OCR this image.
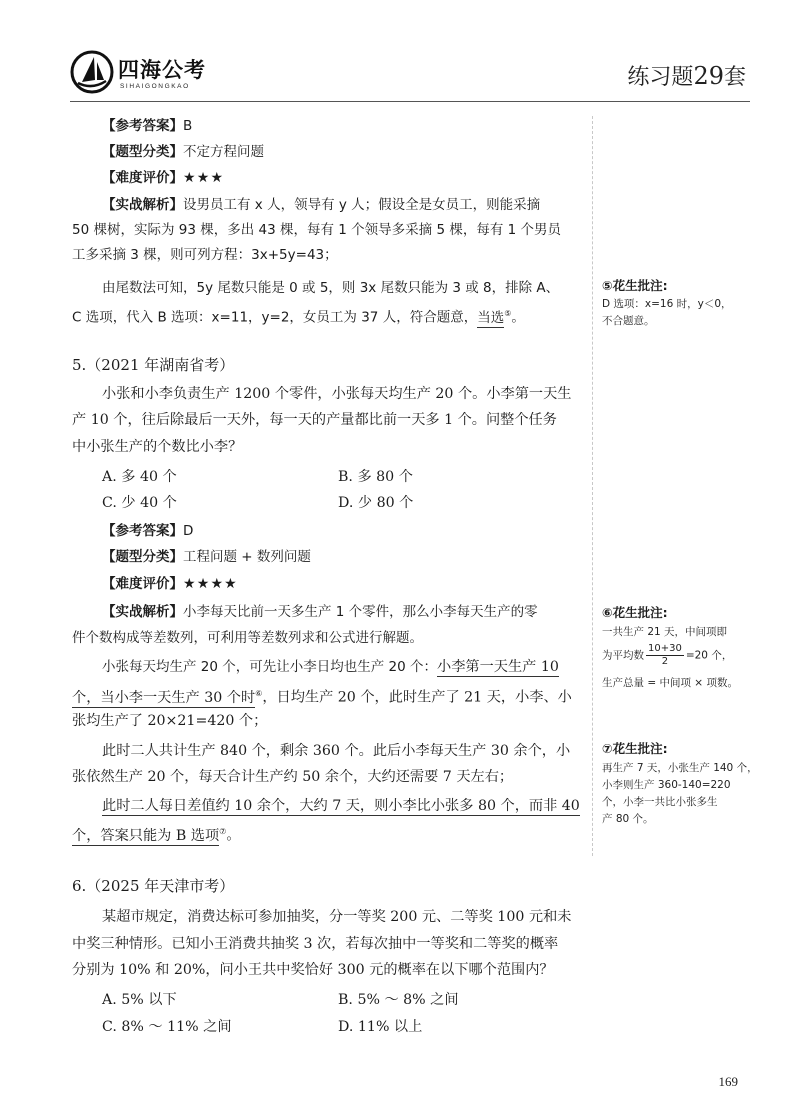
四海公考
SIHAIGONGKAO	练习题29套
【参考答案】B
【题型分类】不定方程问题
【难度评价】★★★
【实战解析】设男员工有 x 人，领导有 y 人；假设全是女员工，则能采摘
50 棵树，实际为 93 棵，多出 43 棵，每有 1 个领导多采摘 5 棵，每有 1 个男员
工多采摘 3 棵，则可列方程：3x+5y=43；
由尾数法可知，5y 尾数只能是 0 或 5，则 3x 尾数只能为 3 或 8，排除 A、
C 选项，代入 B 选项：x=11，y=2，女员工为 37 人，符合题意，当选⑤。
5.（2021 年湖南省考）
小张和小李负责生产 1200 个零件，小张每天均生产 20 个。小李第一天生
产 10 个，往后除最后一天外，每一天的产量都比前一天多 1 个。问整个任务
中小张生产的个数比小李？
A. 多 40 个	B. 多 80 个
C. 少 40 个	D. 少 80 个
【参考答案】D
【题型分类】工程问题 + 数列问题
【难度评价】★★★★
【实战解析】小李每天比前一天多生产 1 个零件，那么小李每天生产的零
件个数构成等差数列，可利用等差数列求和公式进行解题。
小张每天均生产 20 个，可先让小李日均也生产 20 个：小李第一天生产 10
个，当小李一天生产 30 个时⑥，日均生产 20 个，此时生产了 21 天，小李、小
张均生产了 20×21=420 个；
此时二人共计生产 840 个，剩余 360 个。此后小李每天生产 30 余个，小
张依然生产 20 个，每天合计生产约 50 余个，大约还需要 7 天左右；
此时二人每日差值约 10 余个，大约 7 天，则小李比小张多 80 个，而非 40
个，答案只能为 B 选项⑦。
6.（2025 年天津市考）
某超市规定，消费达标可参加抽奖，分一等奖 200 元、二等奖 100 元和未
中奖三种情形。已知小王消费共抽奖 3 次，若每次抽中一等奖和二等奖的概率
分别为 10% 和 20%，问小王共中奖恰好 300 元的概率在以下哪个范围内？
A. 5% 以下	B. 5% ～ 8% 之间
C. 8% ～ 11% 之间	D. 11% 以上
⑤花生批注:
D 选项：x=16 时，y＜0，
不合题意。
⑥花生批注:
一共生产 21 天，中间项即
为平均数 $\frac{10+30}{2} =20$ 个，
生产总量 = 中间项 × 项数。
⑦花生批注:
再生产 7 天，小张生产 140 个，
小李则生产 360-140=220
个，小李一共比小张多生
产 80 个。
169
